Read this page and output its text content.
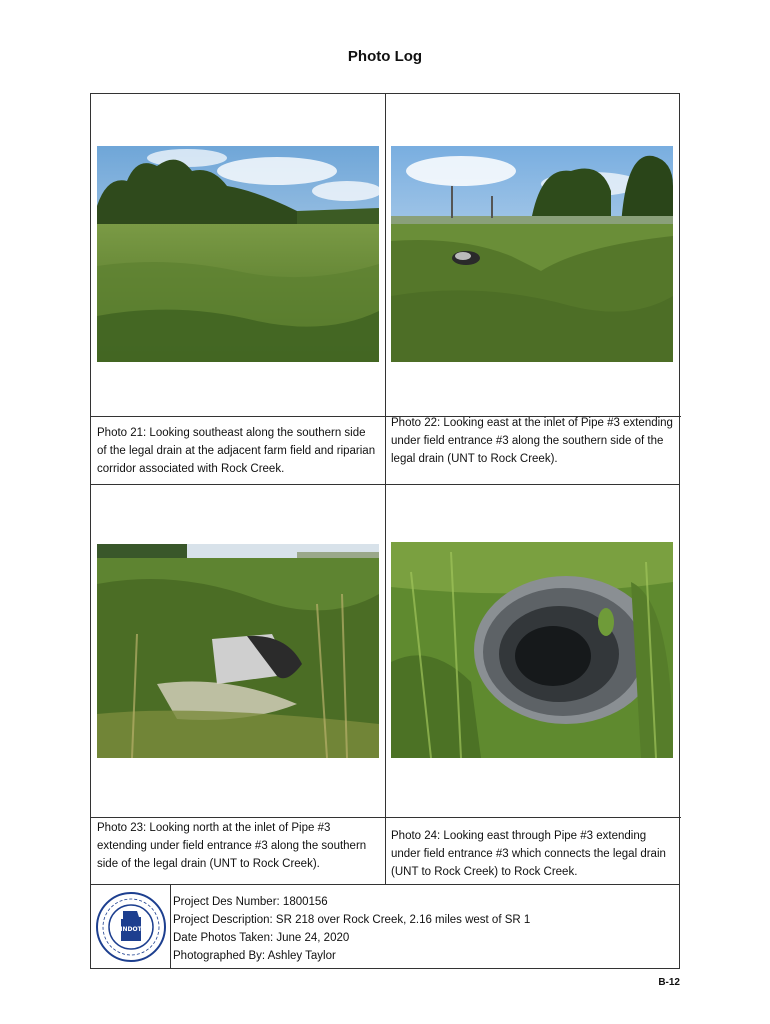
Photo Log
Photo 21: Looking southeast along the southern side of the legal drain at the adjacent farm field and riparian corridor associated with Rock Creek.
Photo 22: Looking east at the inlet of Pipe #3 extending under field entrance #3 along the southern side of the legal drain (UNT to Rock Creek).
Photo 23: Looking north at the inlet of Pipe #3 extending under field entrance #3 along the southern side of the legal drain (UNT to Rock Creek).
Photo 24: Looking east through Pipe #3 extending under field entrance #3 which connects the legal drain (UNT to Rock Creek) to Rock Creek.
INDOT
Project Des Number: 1800156
Project Description: SR 218 over Rock Creek, 2.16 miles west of SR 1
Date Photos Taken: June 24, 2020
Photographed By: Ashley Taylor
B-12
